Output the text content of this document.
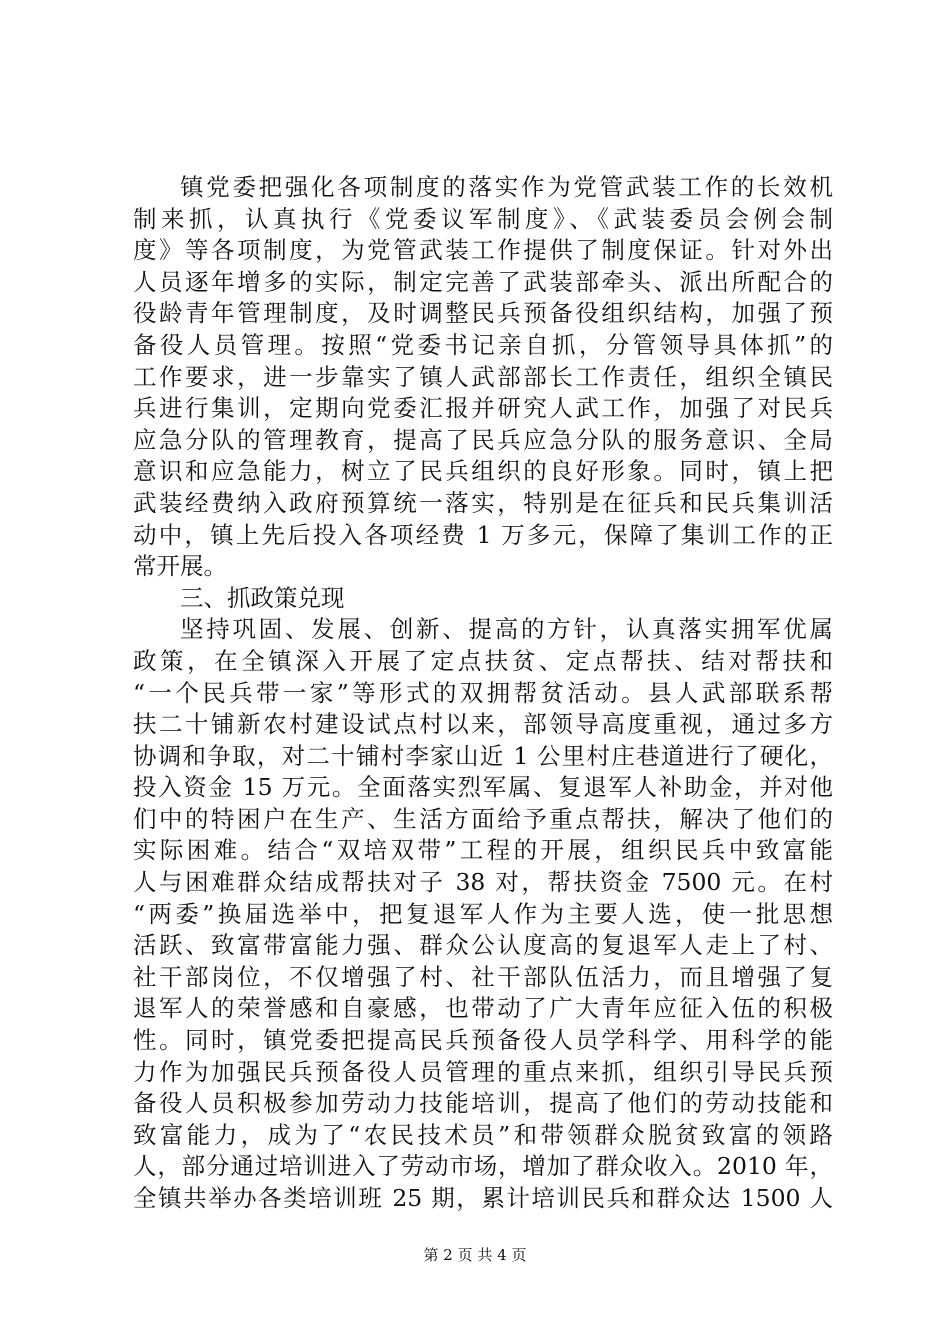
镇党委把强化各项制度的落实作为党管武装工作的长效机
制来抓，认真执行《党委议军制度》、《武装委员会例会制
度》等各项制度，为党管武装工作提供了制度保证。针对外出
人员逐年增多的实际，制定完善了武装部牵头、派出所配合的
役龄青年管理制度，及时调整民兵预备役组织结构，加强了预
备役人员管理。按照“党委书记亲自抓，分管领导具体抓”的
工作要求，进一步靠实了镇人武部部长工作责任，组织全镇民
兵进行集训，定期向党委汇报并研究人武工作，加强了对民兵
应急分队的管理教育，提高了民兵应急分队的服务意识、全局
意识和应急能力，树立了民兵组织的良好形象。同时，镇上把
武装经费纳入政府预算统一落实，特别是在征兵和民兵集训活
动中，镇上先后投入各项经费 1 万多元，保障了集训工作的正
常开展。
三、抓政策兑现
坚持巩固、发展、创新、提高的方针，认真落实拥军优属
政策，在全镇深入开展了定点扶贫、定点帮扶、结对帮扶和
“一个民兵带一家”等形式的双拥帮贫活动。县人武部联系帮
扶二十铺新农村建设试点村以来，部领导高度重视，通过多方
协调和争取，对二十铺村李家山近 1 公里村庄巷道进行了硬化，
投入资金 15 万元。全面落实烈军属、复退军人补助金，并对他
们中的特困户在生产、生活方面给予重点帮扶，解决了他们的
实际困难。结合“双培双带”工程的开展，组织民兵中致富能
人与困难群众结成帮扶对子 38 对，帮扶资金 7500 元。在村
“两委”换届选举中，把复退军人作为主要人选，使一批思想
活跃、致富带富能力强、群众公认度高的复退军人走上了村、
社干部岗位，不仅增强了村、社干部队伍活力，而且增强了复
退军人的荣誉感和自豪感，也带动了广大青年应征入伍的积极
性。同时，镇党委把提高民兵预备役人员学科学、用科学的能
力作为加强民兵预备役人员管理的重点来抓，组织引导民兵预
备役人员积极参加劳动力技能培训，提高了他们的劳动技能和
致富能力，成为了“农民技术员”和带领群众脱贫致富的领路
人，部分通过培训进入了劳动市场，增加了群众收入。2010 年，
全镇共举办各类培训班 25 期，累计培训民兵和群众达 1500 人
第 2 页 共 4 页
